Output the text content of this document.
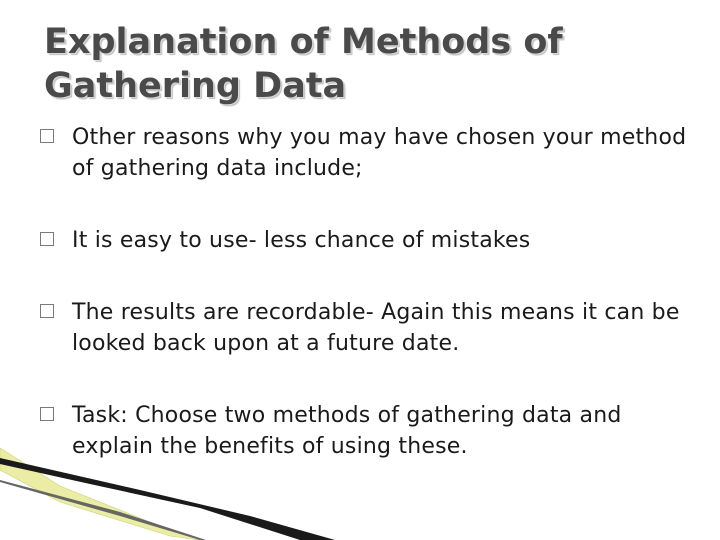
Explanation of Methods of
Gathering Data
Other reasons why you may have chosen your method of gathering data include;
It is easy to use- less chance of mistakes
The results are recordable- Again this means it can be looked back upon at a future date.
Task: Choose two methods of gathering data and explain the benefits of using these.
